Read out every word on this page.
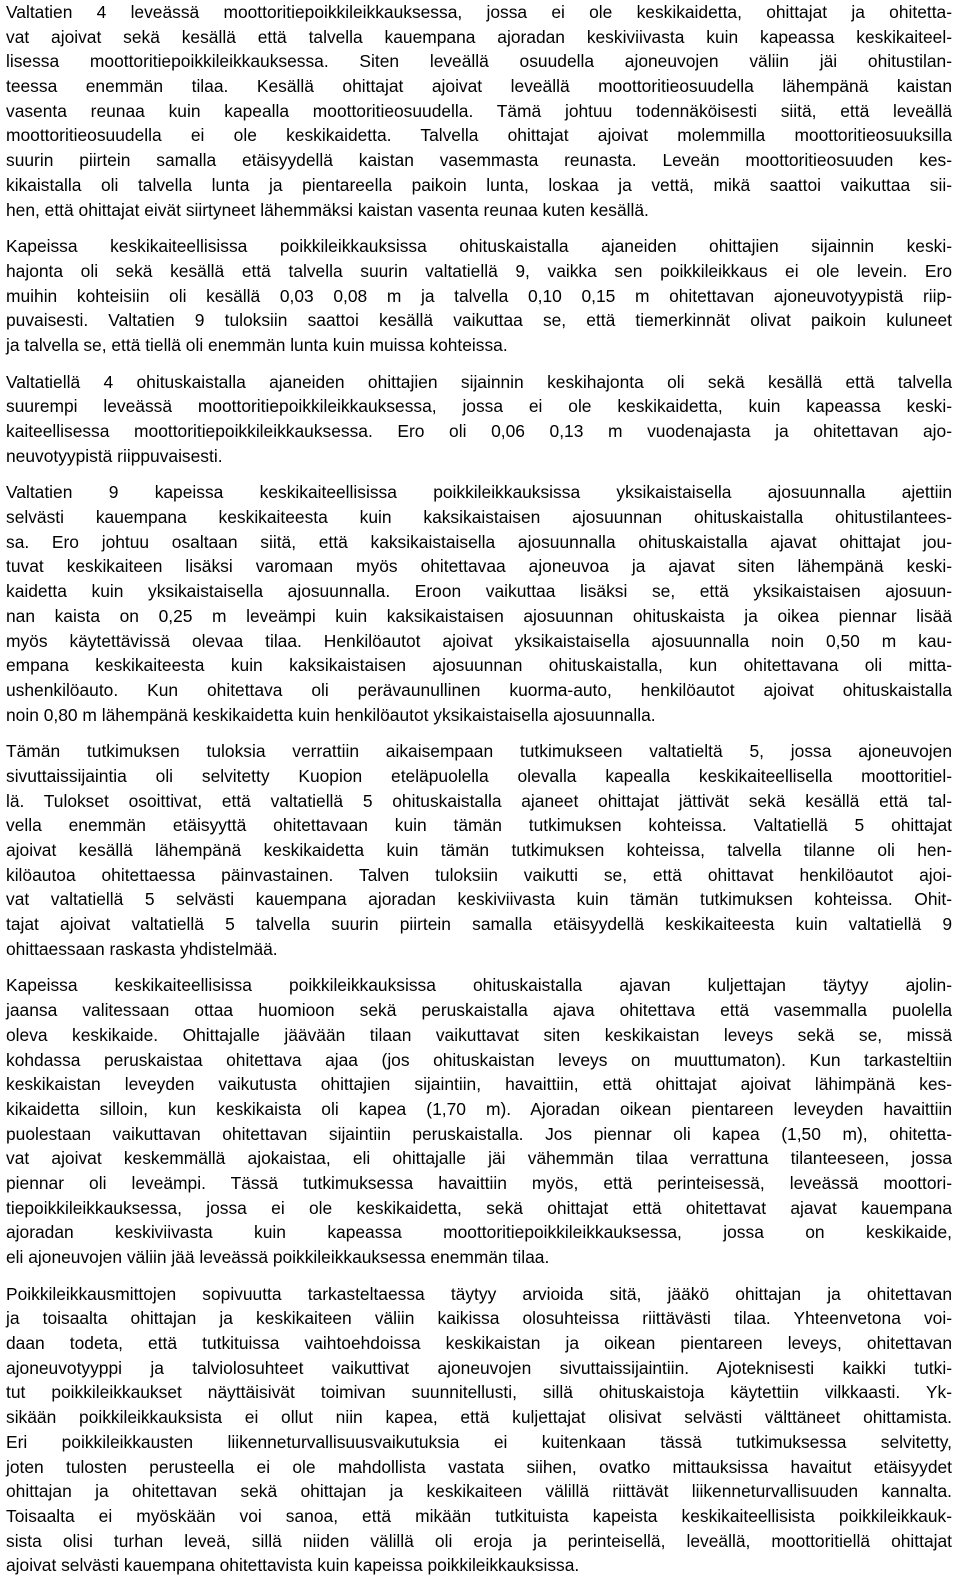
Valtatien 4 leveässä moottoritiepoikkileikkauksessa, jossa ei ole keskikaidetta, ohittajat ja ohitetta-
vat ajoivat sekä kesällä että talvella kauempana ajoradan keskiviivasta kuin kapeassa keskikaiteel-
lisessa moottoritiepoikkileikkauksessa. Siten leveällä osuudella ajoneuvojen väliin jäi ohitustilan-
teessa enemmän tilaa. Kesällä ohittajat ajoivat leveällä moottoritieosuudella lähempänä kaistan
vasenta reunaa kuin kapealla moottoritieosuudella. Tämä johtuu todennäköisesti siitä, että leveällä
moottoritieosuudella ei ole keskikaidetta. Talvella ohittajat ajoivat molemmilla moottoritieosuuksilla
suurin piirtein samalla etäisyydellä kaistan vasemmasta reunasta. Leveän moottoritieosuuden kes-
kikaistalla oli talvella lunta ja pientareella paikoin lunta, loskaa ja vettä, mikä saattoi vaikuttaa sii-
hen, että ohittajat eivät siirtyneet lähemmäksi kaistan vasenta reunaa kuten kesällä.
Kapeissa keskikaiteellisissa poikkileikkauksissa ohituskaistalla ajaneiden ohittajien sijainnin keski-
hajonta oli sekä kesällä että talvella suurin valtatiellä 9, vaikka sen poikkileikkaus ei ole levein. Ero
muihin kohteisiin oli kesällä 0,03 0,08 m ja talvella 0,10 0,15 m ohitettavan ajoneuvotyypistä riip-
puvaisesti. Valtatien 9 tuloksiin saattoi kesällä vaikuttaa se, että tiemerkinnät olivat paikoin kuluneet
ja talvella se, että tiellä oli enemmän lunta kuin muissa kohteissa.
Valtatiellä 4 ohituskaistalla ajaneiden ohittajien sijainnin keskihajonta oli sekä kesällä että talvella
suurempi leveässä moottoritiepoikkileikkauksessa, jossa ei ole keskikaidetta, kuin kapeassa keski-
kaiteellisessa moottoritiepoikkileikkauksessa. Ero oli 0,06 0,13 m vuodenajasta ja ohitettavan ajo-
neuvotyypistä riippuvaisesti.
Valtatien 9 kapeissa keskikaiteellisissa poikkileikkauksissa yksikaistaisella ajosuunnalla ajettiin
selvästi kauempana keskikaiteesta kuin kaksikaistaisen ajosuunnan ohituskaistalla ohitustilantees-
sa. Ero johtuu osaltaan siitä, että kaksikaistaisella ajosuunnalla ohituskaistalla ajavat ohittajat jou-
tuvat keskikaiteen lisäksi varomaan myös ohitettavaa ajoneuvoa ja ajavat siten lähempänä keski-
kaidetta kuin yksikaistaisella ajosuunnalla. Eroon vaikuttaa lisäksi se, että yksikaistaisen ajosuun-
nan kaista on 0,25 m leveämpi kuin kaksikaistaisen ajosuunnan ohituskaista ja oikea piennar lisää
myös käytettävissä olevaa tilaa. Henkilöautot ajoivat yksikaistaisella ajosuunnalla noin 0,50 m kau-
empana keskikaiteesta kuin kaksikaistaisen ajosuunnan ohituskaistalla, kun ohitettavana oli mitta-
ushenkilöauto. Kun ohitettava oli perävaunullinen kuorma-auto, henkilöautot ajoivat ohituskaistalla
noin 0,80 m lähempänä keskikaidetta kuin henkilöautot yksikaistaisella ajosuunnalla.
Tämän tutkimuksen tuloksia verrattiin aikaisempaan tutkimukseen valtatieltä 5, jossa ajoneuvojen
sivuttaissijaintia oli selvitetty Kuopion eteläpuolella olevalla kapealla keskikaiteellisella moottoritiel-
lä. Tulokset osoittivat, että valtatiellä 5 ohituskaistalla ajaneet ohittajat jättivät sekä kesällä että tal-
vella enemmän etäisyyttä ohitettavaan kuin tämän tutkimuksen kohteissa. Valtatiellä 5 ohittajat
ajoivat kesällä lähempänä keskikaidetta kuin tämän tutkimuksen kohteissa, talvella tilanne oli hen-
kilöautoa ohitettaessa päinvastainen. Talven tuloksiin vaikutti se, että ohittavat henkilöautot ajoi-
vat valtatiellä 5 selvästi kauempana ajoradan keskiviivasta kuin tämän tutkimuksen kohteissa. Ohit-
tajat ajoivat valtatiellä 5 talvella suurin piirtein samalla etäisyydellä keskikaiteesta kuin valtatiellä 9
ohittaessaan raskasta yhdistelmää.
Kapeissa keskikaiteellisissa poikkileikkauksissa ohituskaistalla ajavan kuljettajan täytyy ajolin-
jaansa valitessaan ottaa huomioon sekä peruskaistalla ajava ohitettava että vasemmalla puolella
oleva keskikaide. Ohittajalle jäävään tilaan vaikuttavat siten keskikaistan leveys sekä se, missä
kohdassa peruskaistaa ohitettava ajaa (jos ohituskaistan leveys on muuttumaton). Kun tarkasteltiin
keskikaistan leveyden vaikutusta ohittajien sijaintiin, havaittiin, että ohittajat ajoivat lähimpänä kes-
kikaidetta silloin, kun keskikaista oli kapea (1,70 m). Ajoradan oikean pientareen leveyden havaittiin
puolestaan vaikuttavan ohitettavan sijaintiin peruskaistalla. Jos piennar oli kapea (1,50 m), ohitetta-
vat ajoivat keskemmällä ajokaistaa, eli ohittajalle jäi vähemmän tilaa verrattuna tilanteeseen, jossa
piennar oli leveämpi. Tässä tutkimuksessa havaittiin myös, että perinteisessä, leveässä moottori-
tiepoikkileikkauksessa, jossa ei ole keskikaidetta, sekä ohittajat että ohitettavat ajavat kauempana
ajoradan keskiviivasta kuin kapeassa moottoritiepoikkileikkauksessa, jossa on keskikaide,
eli ajoneuvojen väliin jää leveässä poikkileikkauksessa enemmän tilaa.
Poikkileikkausmittojen sopivuutta tarkasteltaessa täytyy arvioida sitä, jääkö ohittajan ja ohitettavan
ja toisaalta ohittajan ja keskikaiteen väliin kaikissa olosuhteissa riittävästi tilaa. Yhteenvetona voi-
daan todeta, että tutkituissa vaihtoehdoissa keskikaistan ja oikean pientareen leveys, ohitettavan
ajoneuvotyyppi ja talviolosuhteet vaikuttivat ajoneuvojen sivuttaissijaintiin. Ajoteknisesti kaikki tutki-
tut poikkileikkaukset näyttäisivät toimivan suunnitellusti, sillä ohituskaistoja käytettiin vilkkaasti. Yk-
sikään poikkileikkauksista ei ollut niin kapea, että kuljettajat olisivat selvästi välttäneet ohittamista.
Eri poikkileikkausten liikenneturvallisuusvaikutuksia ei kuitenkaan tässä tutkimuksessa selvitetty,
joten tulosten perusteella ei ole mahdollista vastata siihen, ovatko mittauksissa havaitut etäisyydet
ohittajan ja ohitettavan sekä ohittajan ja keskikaiteen välillä riittävät liikenneturvallisuuden kannalta.
Toisaalta ei myöskään voi sanoa, että mikään tutkituista kapeista keskikaiteellisista poikkileikkauk-
sista olisi turhan leveä, sillä niiden välillä oli eroja ja perinteisellä, leveällä, moottoritiellä ohittajat
ajoivat selvästi kauempana ohitettavista kuin kapeissa poikkileikkauksissa.
